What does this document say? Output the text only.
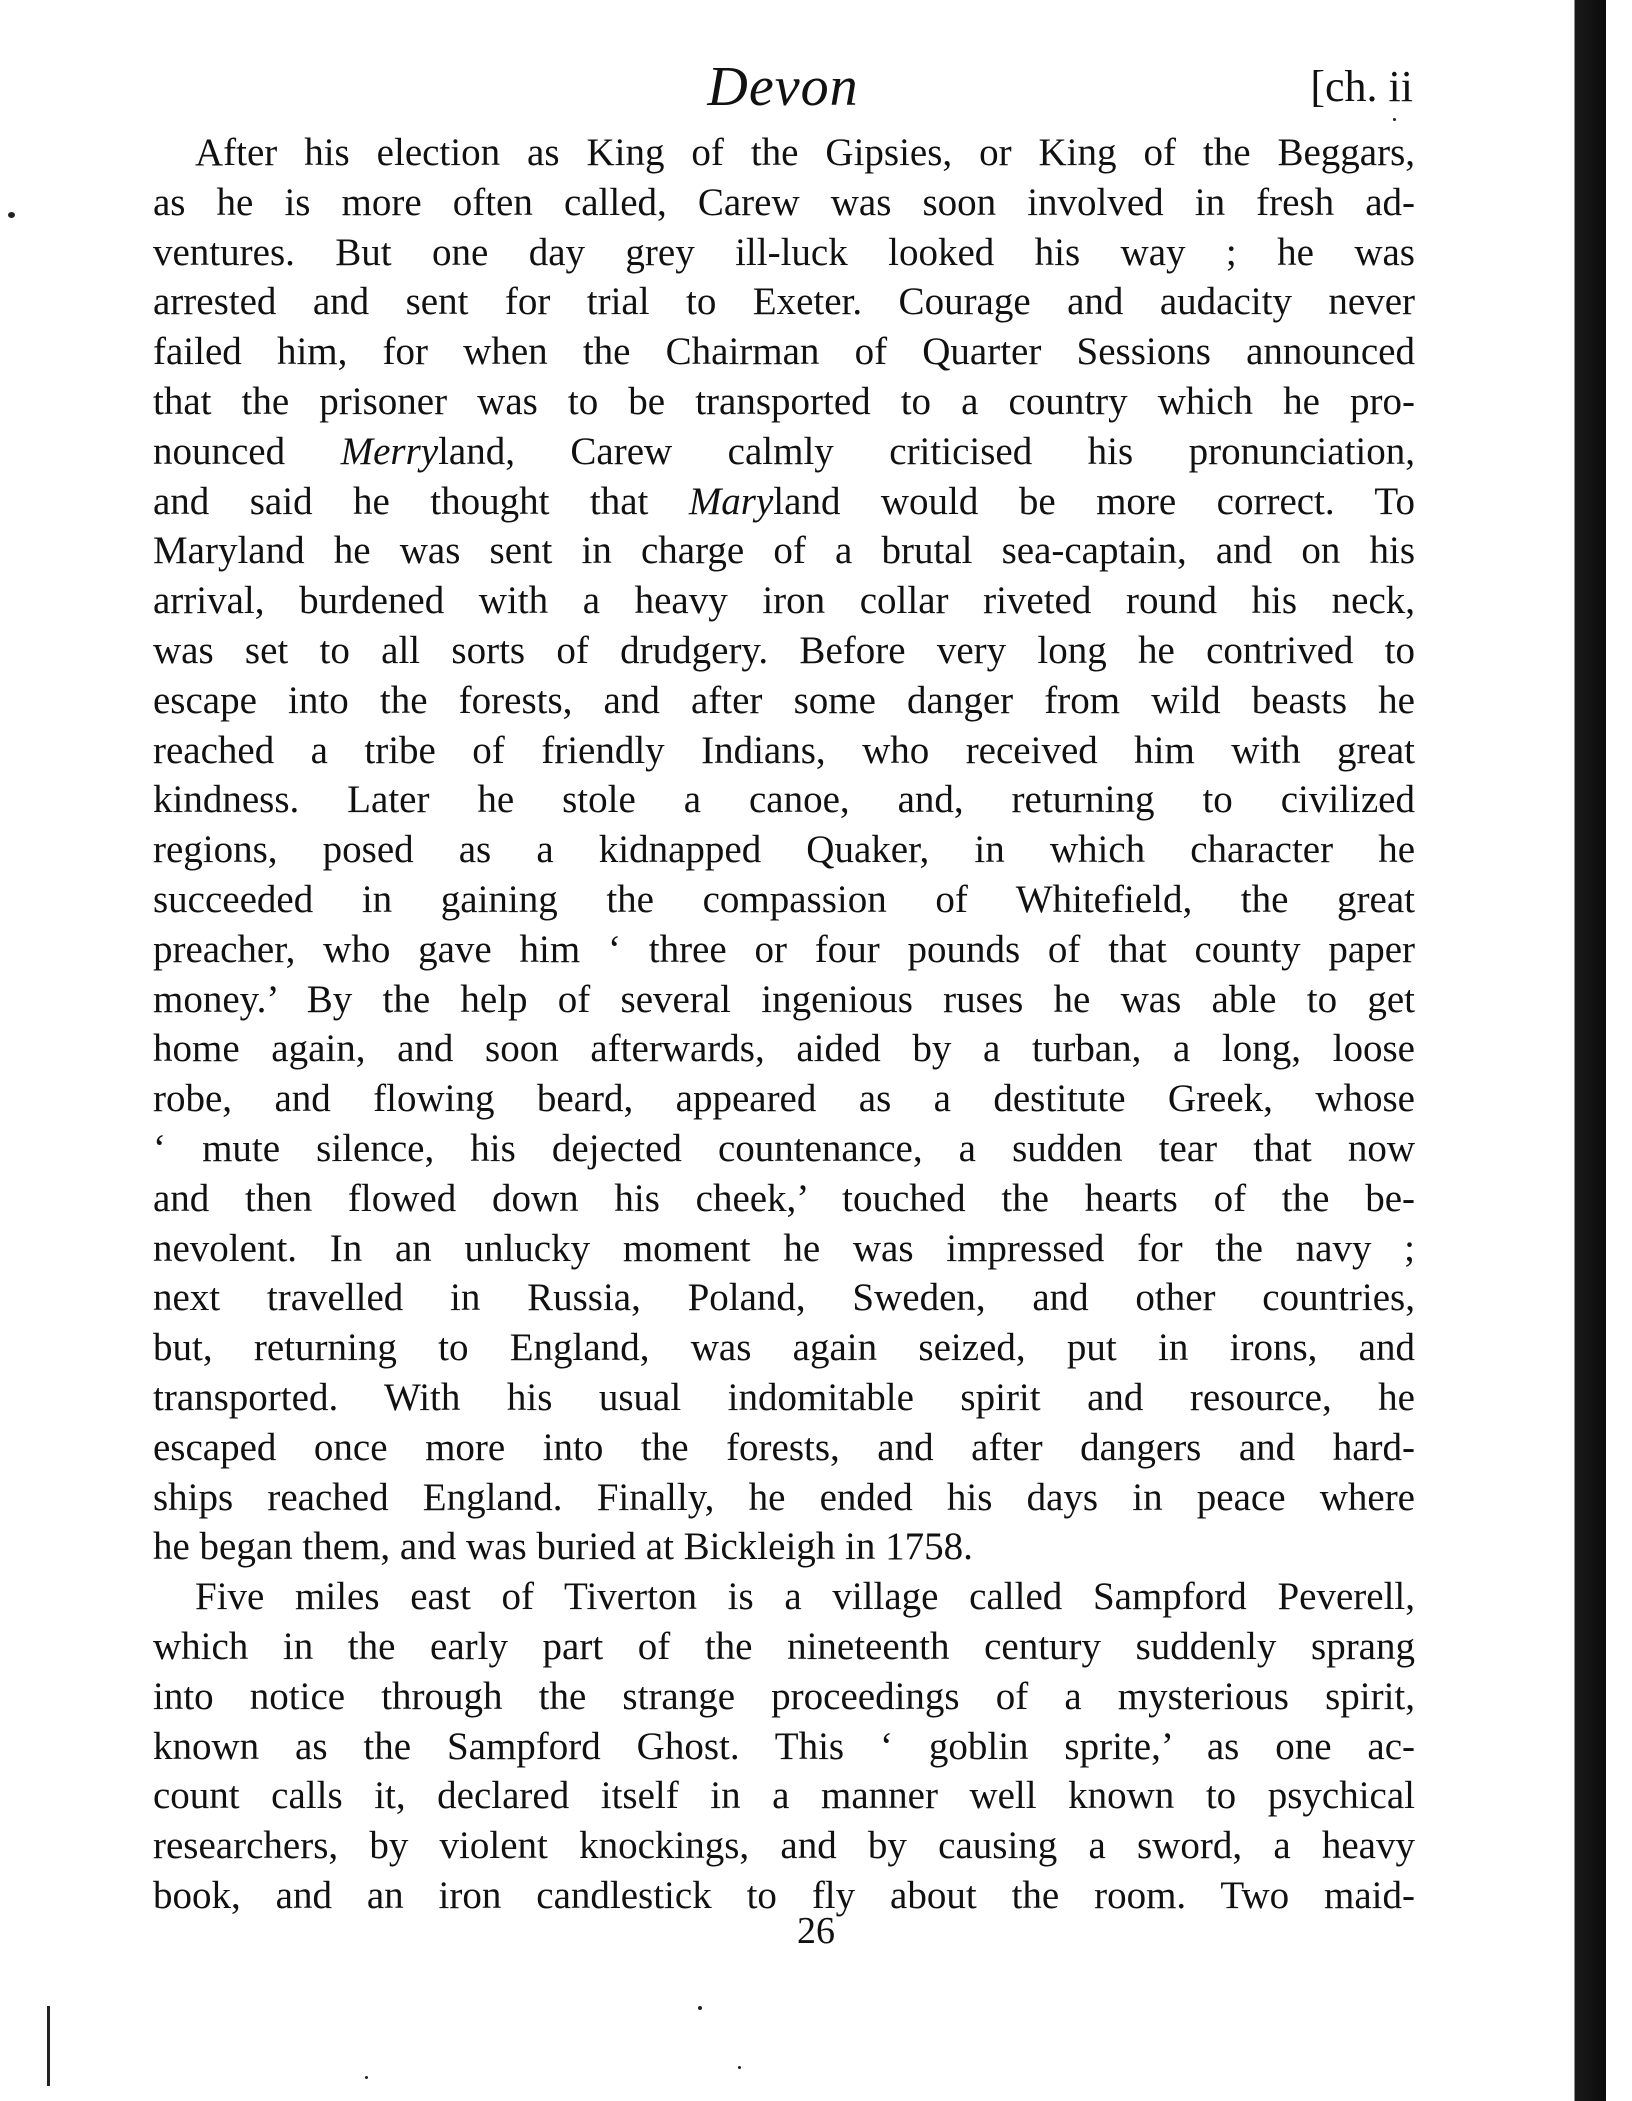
Devon	[ch. ii
After his election as King of the Gipsies, or King of the Beggars,
as he is more often called, Carew was soon involved in fresh ad-
ventures. But one day grey ill-luck looked his way ; he was
arrested and sent for trial to Exeter. Courage and audacity never
failed him, for when the Chairman of Quarter Sessions announced
that the prisoner was to be transported to a country which he pro-
nounced Merryland, Carew calmly criticised his pronunciation,
and said he thought that Maryland would be more correct. To
Maryland he was sent in charge of a brutal sea-captain, and on his
arrival, burdened with a heavy iron collar riveted round his neck,
was set to all sorts of drudgery. Before very long he contrived to
escape into the forests, and after some danger from wild beasts he
reached a tribe of friendly Indians, who received him with great
kindness. Later he stole a canoe, and, returning to civilized
regions, posed as a kidnapped Quaker, in which character he
succeeded in gaining the compassion of Whitefield, the great
preacher, who gave him ‘ three or four pounds of that county paper
money.’ By the help of several ingenious ruses he was able to get
home again, and soon afterwards, aided by a turban, a long, loose
robe, and flowing beard, appeared as a destitute Greek, whose
‘ mute silence, his dejected countenance, a sudden tear that now
and then flowed down his cheek,’ touched the hearts of the be-
nevolent. In an unlucky moment he was impressed for the navy ;
next travelled in Russia, Poland, Sweden, and other countries,
but, returning to England, was again seized, put in irons, and
transported. With his usual indomitable spirit and resource, he
escaped once more into the forests, and after dangers and hard-
ships reached England. Finally, he ended his days in peace where
he began them, and was buried at Bickleigh in 1758.
Five miles east of Tiverton is a village called Sampford Peverell,
which in the early part of the nineteenth century suddenly sprang
into notice through the strange proceedings of a mysterious spirit,
known as the Sampford Ghost. This ‘ goblin sprite,’ as one ac-
count calls it, declared itself in a manner well known to psychical
researchers, by violent knockings, and by causing a sword, a heavy
book, and an iron candlestick to fly about the room. Two maid-
26
